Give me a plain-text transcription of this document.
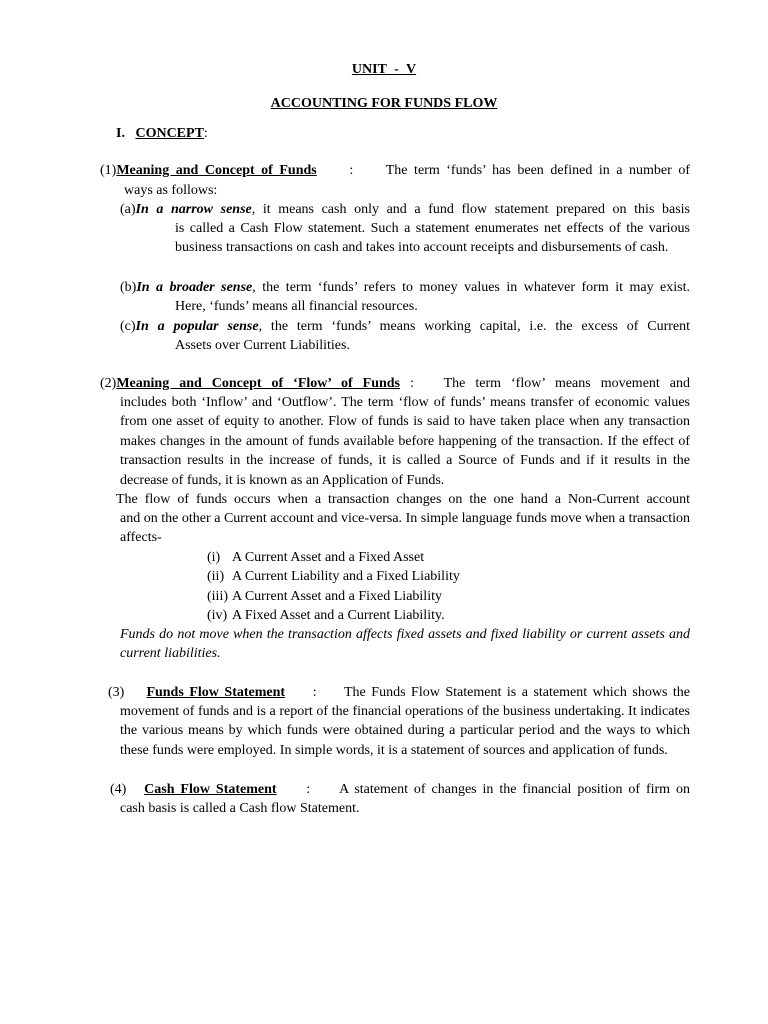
UNIT - V
ACCOUNTING FOR FUNDS FLOW
I. CONCEPT:
(1)Meaning and Concept of Funds : The term ‘funds’ has been defined in a number of
ways as follows:
(a)In a narrow sense, it means cash only and a fund flow statement prepared on this basis
is called a Cash Flow statement. Such a statement enumerates net effects of the various business transactions on cash and takes into account receipts and disbursements of cash.
(b)In a broader sense, the term ‘funds’ refers to money values in whatever form it may exist.
Here, ‘funds’ means all financial resources.
(c)In a popular sense, the term ‘funds’ means working capital, i.e. the excess of Current
Assets over Current Liabilities.
(2)Meaning and Concept of ‘Flow’ of Funds : The term ‘flow’ means movement and
includes both ‘Inflow’ and ‘Outflow’. The term ‘flow of funds’ means transfer of economic values from one asset of equity to another. Flow of funds is said to have taken place when any transaction makes changes in the amount of funds available before happening of the transaction. If the effect of transaction results in the increase of funds, it is called a Source of Funds and if it results in the decrease of funds, it is known as an Application of Funds.
The flow of funds occurs when a transaction changes on the one hand a Non-Current account
and on the other a Current account and vice-versa. In simple language funds move when a transaction affects-
(i) A Current Asset and a Fixed Asset
(ii) A Current Liability and a Fixed Liability
(iii) A Current Asset and a Fixed Liability
(iv) A Fixed Asset and a Current Liability.
Funds do not move when the transaction affects fixed assets and fixed liability or current assets and current liabilities.
(3) Funds Flow Statement : The Funds Flow Statement is a statement which shows the
movement of funds and is a report of the financial operations of the business undertaking. It indicates the various means by which funds were obtained during a particular period and the ways to which these funds were employed. In simple words, it is a statement of sources and application of funds.
(4) Cash Flow Statement : A statement of changes in the financial position of firm on
cash basis is called a Cash flow Statement.
